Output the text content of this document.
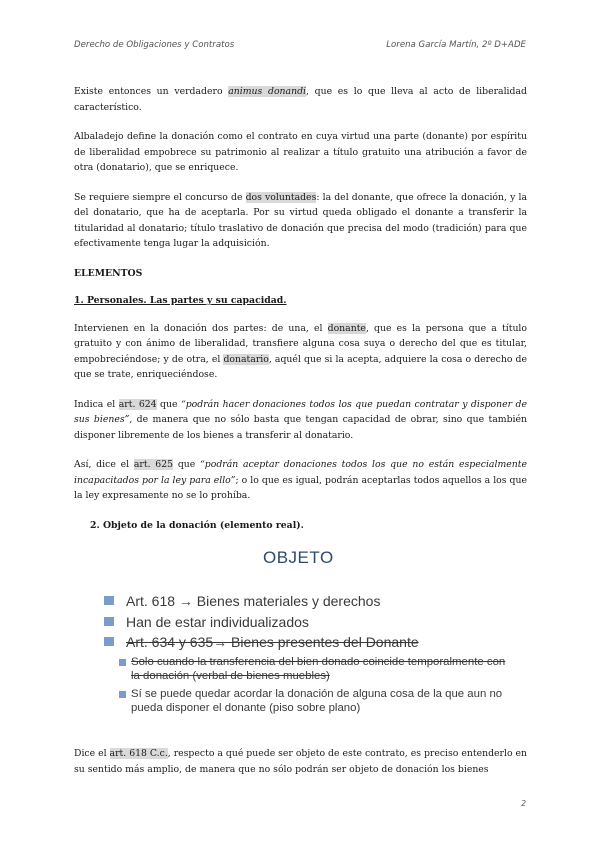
Derecho de Obligaciones y Contratos	Lorena García Martín, 2º D+ADE

Existe entonces un verdadero animus donandi, que es lo que lleva al acto de liberalidad característico.

Albaladejo define la donación como el contrato en cuya virtud una parte (donante) por espíritu de liberalidad empobrece su patrimonio al realizar a título gratuito una atribución a favor de otra (donatario), que se enriquece.

Se requiere siempre el concurso de dos voluntades: la del donante, que ofrece la donación, y la del donatario, que ha de aceptarla. Por su virtud queda obligado el donante a transferir la titularidad al donatario; título traslativo de donación que precisa del modo (tradición) para que efectivamente tenga lugar la adquisición.

ELEMENTOS
1. Personales. Las partes y su capacidad.

Intervienen en la donación dos partes: de una, el donante, que es la persona que a título gratuito y con ánimo de liberalidad, transfiere alguna cosa suya o derecho del que es titular, empobreciéndose; y de otra, el donatario, aquél que si la acepta, adquiere la cosa o derecho de que se trate, enriqueciéndose.

Indica el art. 624 que “podrán hacer donaciones todos los que puedan contratar y disponer de sus bienes”, de manera que no sólo basta que tengan capacidad de obrar, sino que también disponer libremente de los bienes a transferir al donatario.

Así, dice el art. 625 que “podrán aceptar donaciones todos los que no están especialmente incapacitados por la ley para ello”; o lo que es igual, podrán aceptarlas todos aquellos a los que la ley expresamente no se lo prohíba.

2. Objeto de la donación (elemento real).
OBJETO
Art. 618 → Bienes materiales y derechos
Han de estar individualizados
Art. 634 y 635→ Bienes presentes del Donante
Solo cuando la transferencia del bien donado coincide temporalmente con la donación (verbal de bienes muebles)
Sí se puede quedar acordar la donación de alguna cosa de la que aun no pueda disponer el donante (piso sobre plano)

Dice el art. 618 C.c., respecto a qué puede ser objeto de este contrato, es preciso entenderlo en su sentido más amplio, de manera que no sólo podrán ser objeto de donación los bienes

2
